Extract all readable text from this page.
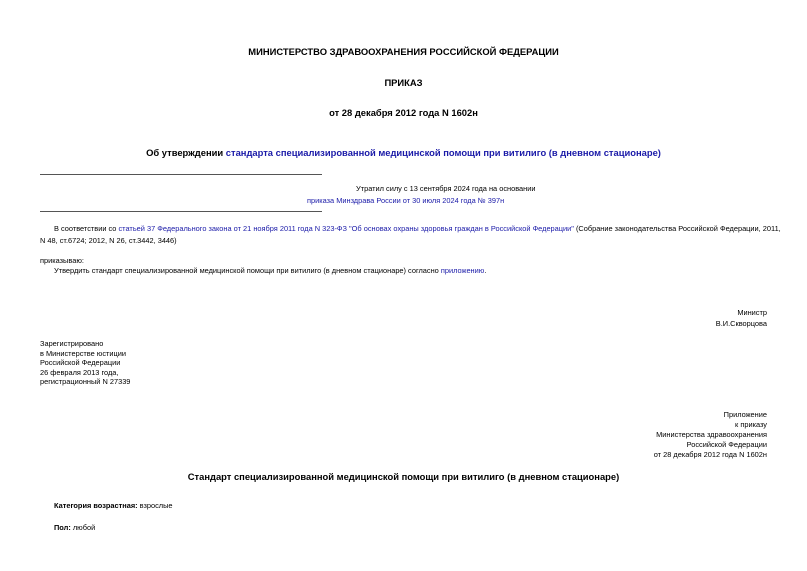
МИНИСТЕРСТВО ЗДРАВООХРАНЕНИЯ РОССИЙСКОЙ ФЕДЕРАЦИИ
ПРИКАЗ
от 28 декабря 2012 года N 1602н
Об утверждении стандарта специализированной медицинской помощи при витилиго (в дневном стационаре)
Утратил силу с 13 сентября 2024 года на основании
приказа Минздрава России от 30 июля 2024 года № 397н
В соответствии со статьей 37 Федерального закона от 21 ноября 2011 года N 323-ФЗ "Об основах охраны здоровья граждан в Российской Федерации" (Собрание законодательства Российской Федерации, 2011,
N 48, ст.6724; 2012, N 26, ст.3442, 3446)
приказываю:
Утвердить стандарт специализированной медицинской помощи при витилиго (в дневном стационаре) согласно приложению.
Министр
В.И.Скворцова
Зарегистрировано
в Министерстве юстиции
Российской Федерации
26 февраля 2013 года,
регистрационный N 27339
Приложение
к приказу
Министерства здравоохранения
Российской Федерации
от 28 декабря 2012 года N 1602н
Стандарт специализированной медицинской помощи при витилиго (в дневном стационаре)
Категория возрастная: взрослые
Пол: любой
